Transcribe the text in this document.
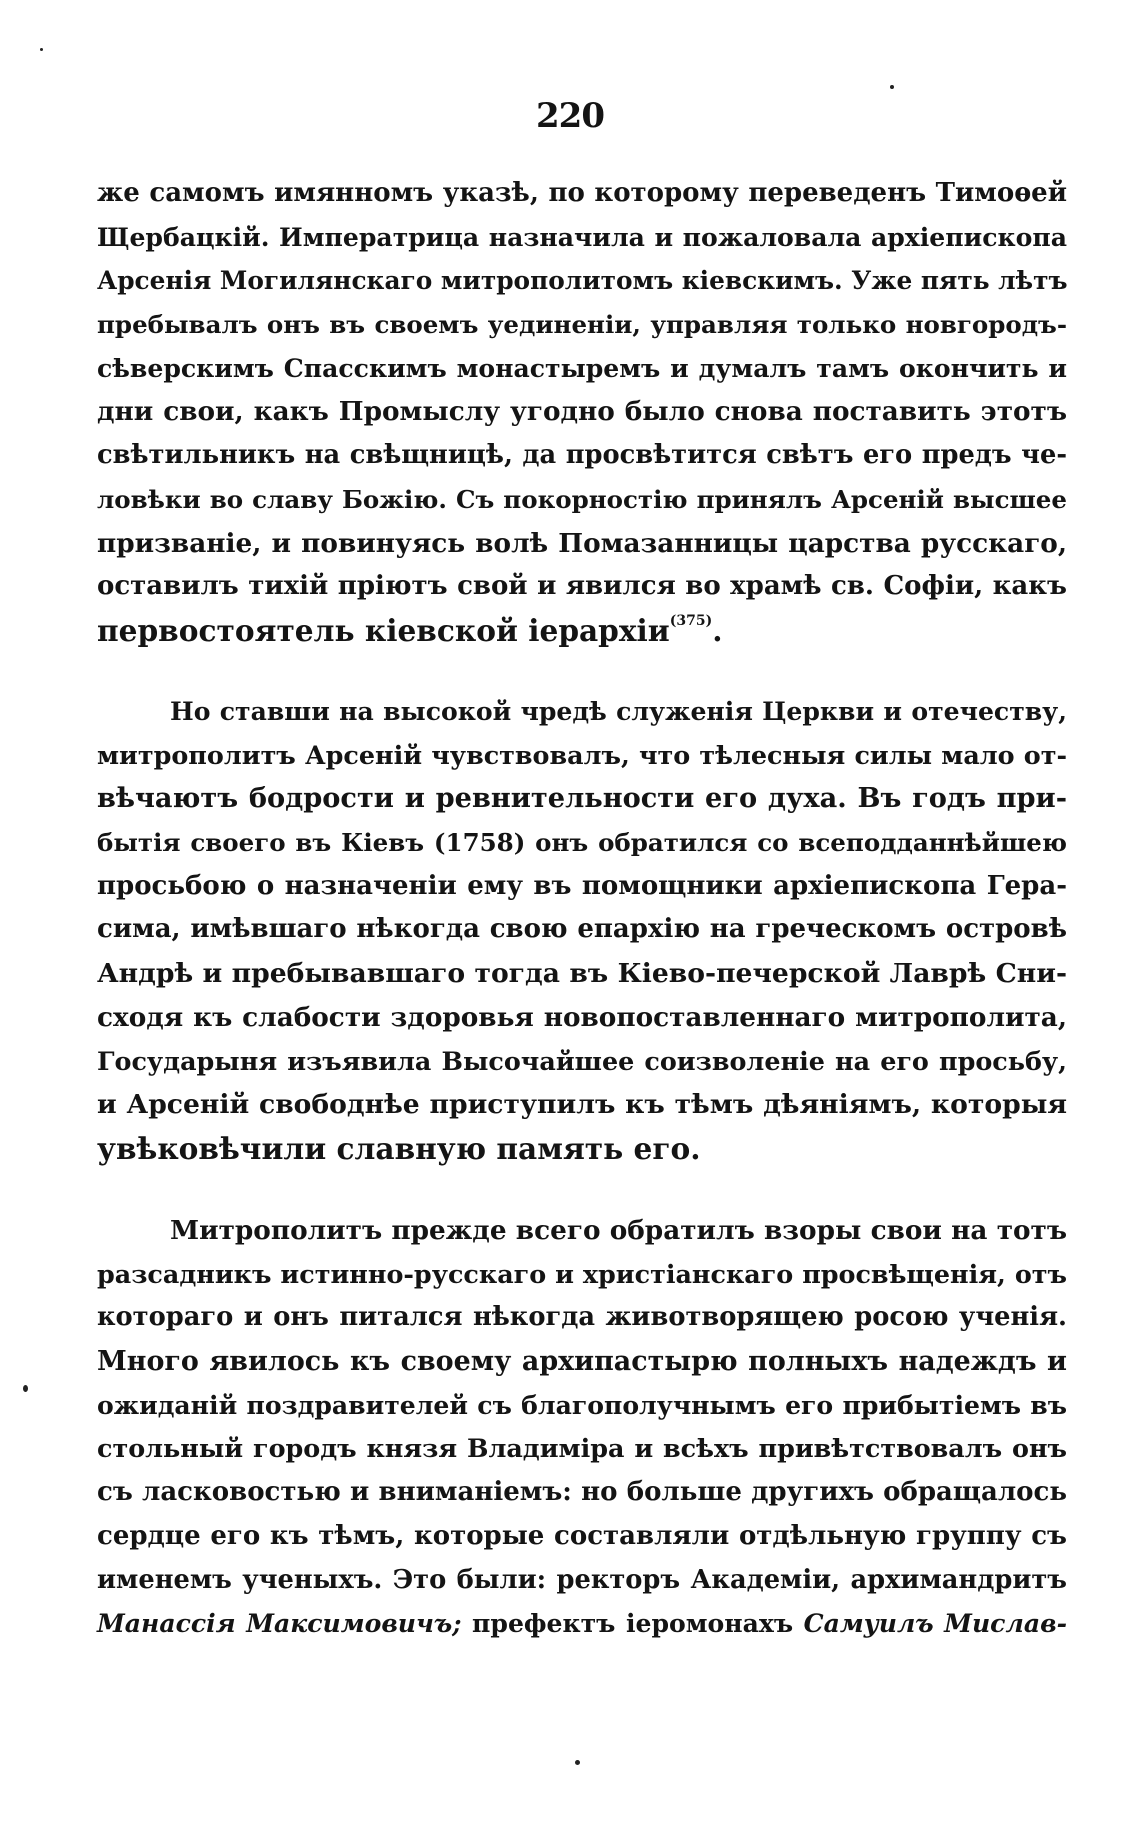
220
же самомъ имянномъ указѣ, по которому переведенъ Тимоѳей
Щербацкій. Императрица назначила и пожаловала архіепископа
Арсенія Могилянскаго митрополитомъ кіевскимъ. Уже пять лѣтъ
пребывалъ онъ въ своемъ уединеніи, управляя только новгородъ-
сѣверскимъ Спасскимъ монастыремъ и думалъ тамъ окончить и
дни свои, какъ Промыслу угодно было снова поставить этотъ
свѣтильникъ на свѣщницѣ, да просвѣтится свѣтъ его предъ че-
ловѣки во славу Божію. Съ покорностію принялъ Арсеній высшее
призваніе, и повинуясь волѣ Помазанницы царства русскаго,
оставилъ тихій пріютъ свой и явился во храмѣ св. Софіи, какъ
первостоятель кіевской іерархіи$^{(375)}$.
Но ставши на высокой чредѣ служенія Церкви и отечеству,
митрополитъ Арсеній чувствовалъ, что тѣлесныя силы мало от-
вѣчаютъ бодрости и ревнительности его духа. Въ годъ при-
бытія своего въ Кіевъ (1758) онъ обратился со всеподданнѣйшею
просьбою о назначеніи ему въ помощники архіепископа Гера-
сима, имѣвшаго нѣкогда свою епархію на греческомъ островѣ
Андрѣ и пребывавшаго тогда въ Кіево-печерской Лаврѣ Сни-
сходя къ слабости здоровья новопоставленнаго митрополита,
Государыня изъявила Высочайшее соизволеніе на его просьбу,
и Арсеній свободнѣе приступилъ къ тѣмъ дѣяніямъ, которыя
увѣковѣчили славную память его.
Митрополитъ прежде всего обратилъ взоры свои на тотъ
разсадникъ истинно-русскаго и христіанскаго просвѣщенія, отъ
котораго и онъ питался нѣкогда животворящею росою ученія.
Много явилось къ своему архипастырю полныхъ надеждъ и
ожиданій поздравителей съ благополучнымъ его прибытіемъ въ
стольный городъ князя Владиміра и всѣхъ привѣтствовалъ онъ
съ ласковостью и вниманіемъ: но больше другихъ обращалось
сердце его къ тѣмъ, которые составляли отдѣльную группу съ
именемъ ученыхъ. Это были: ректоръ Академіи, архимандритъ
Манассія Максимовичъ; префектъ іеромонахъ Самуилъ Мислав-
